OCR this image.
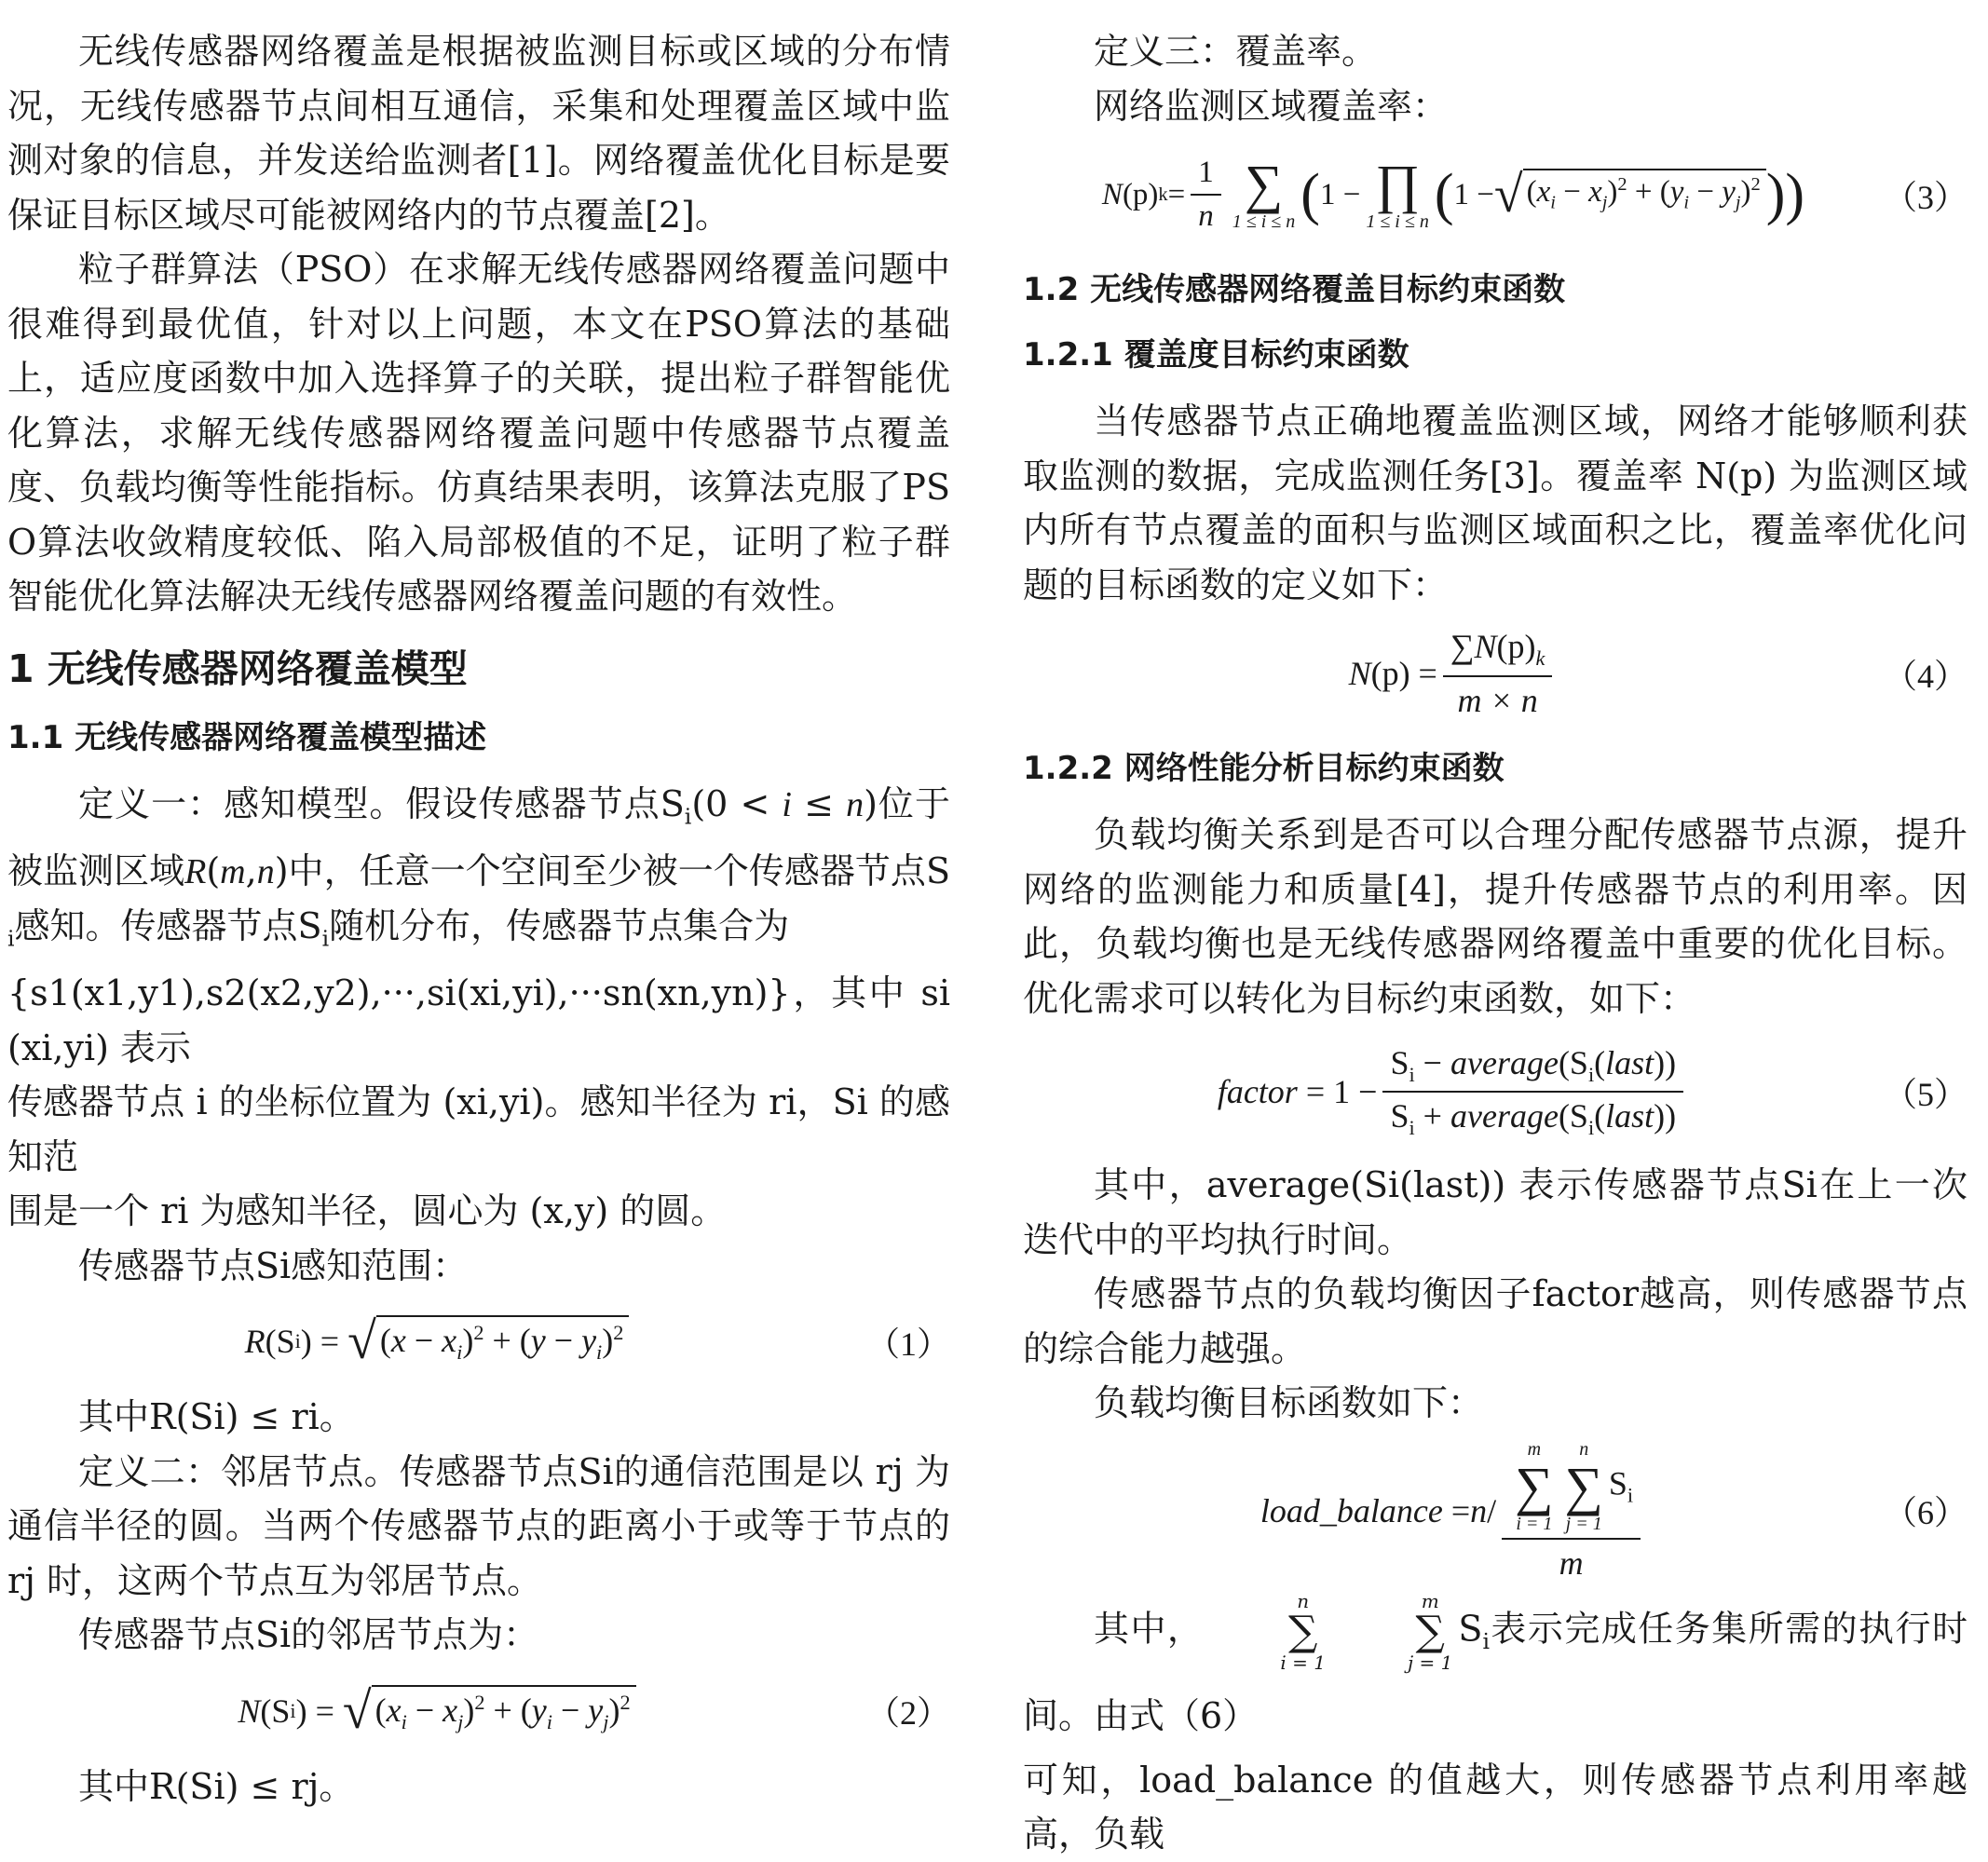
无线传感器网络覆盖是根据被监测目标或区域的分布情况，无线传感器节点间相互通信，采集和处理覆盖区域中监测对象的信息，并发送给监测者[1]。网络覆盖优化目标是要保证目标区域尽可能被网络内的节点覆盖[2]。

粒子群算法（PSO）在求解无线传感器网络覆盖问题中很难得到最优值，针对以上问题，本文在PSO算法的基础上，适应度函数中加入选择算子的关联，提出粒子群智能优化算法，求解无线传感器网络覆盖问题中传感器节点覆盖度、负载均衡等性能指标。仿真结果表明，该算法克服了PSO算法收敛精度较低、陷入局部极值的不足，证明了粒子群智能优化算法解决无线传感器网络覆盖问题的有效性。

1 无线传感器网络覆盖模型
1.1 无线传感器网络覆盖模型描述

定义一：感知模型。假设传感器节点$S_i(0 < i \le n)$位于被监测区域R(m,n)中，任意一个空间至少被一个传感器节点$S_i$感知。传感器节点$S_i$随机分布，传感器节点集合为

{s1(x1,y1),s2(x2,y2),···,si(xi,yi),···sn(xn,yn)}，其中 si(xi,yi) 表示

传感器节点 i 的坐标位置为 (xi,yi)。感知半径为 ri，Si 的感知范

围是一个 ri 为感知半径，圆心为 (x,y) 的圆。

传感器节点Si感知范围：

R (S i ) = √ $(x - x_i)^2 + (y - y_i)^2$	（1）

其中R(Si) ≤ ri。

定义二：邻居节点。传感器节点Si的通信范围是以 rj 为通信半径的圆。当两个传感器节点的距离小于或等于节点的 rj 时，这两个节点互为邻居节点。

传感器节点Si的邻居节点为：

N (S i ) = √ $(x_i - x_j)^2 + (y_i - y_j)^2$	（2）

其中R(Si) ≤ rj。

定义三：覆盖率。

网络监测区域覆盖率：

N (p) $k = \frac{1}{n}$ ∑
1 ≤ i ≤ n ( 1 − ∏
1 ≤ i ≤ n ( 1 − √ $(x_i - x_j)^2 + (y_i - y_j)^2$ )) （3）
1.2 无线传感器网络覆盖目标约束函数
1.2.1 覆盖度目标约束函数

当传感器节点正确地覆盖监测区域，网络才能够顺利获取监测的数据，完成监测任务[3]。覆盖率 N(p) 为监测区域内所有节点覆盖的面积与监测区域面积之比，覆盖率优化问题的目标函数的定义如下：

N $(p) = \frac{\sum N(p)_k}{m \times n}$	（4）
1.2.2 网络性能分析目标约束函数

负载均衡关系到是否可以合理分配传感器节点源，提升网络的监测能力和质量[4]，提升传感器节点的利用率。因此，负载均衡也是无线传感器网络覆盖中重要的优化目标。优化需求可以转化为目标约束函数，如下：

factor = $1 - \frac{S_i - average(S_i(last))}{S_i + average(S_i(last))}$	（5）

其中，average(Si(last)) 表示传感器节点Si在上一次迭代中的平均执行时间。

传感器节点的负载均衡因子factor越高，则传感器节点的综合能力越强。

负载均衡目标函数如下：

load_balance = n / m
∑
i = 1
n
∑
j = 1
$S_i$
m	（6）

其中，
n
∑
i = 1
m
∑
j = 1
$S_i$表示完成任务集所需的执行时间。由式（6）

可知，load_balance 的值越大，则传感器节点利用率越高，负载
